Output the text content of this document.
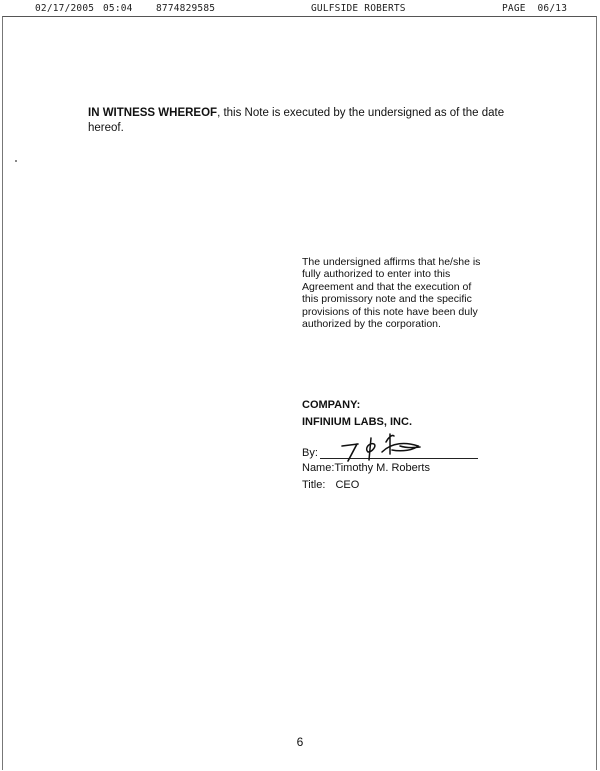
02/17/2005 05:04 8774829585	GULFSIDE ROBERTS	PAGE  06/13
IN WITNESS WHEREOF, this Note is executed by the undersigned as of the date hereof.
The undersigned affirms that he/she is
fully authorized to enter into this
Agreement and that the execution of
this promissory note and the specific
provisions of this note have been duly
authorized by the corporation.
COMPANY:
INFINIUM LABS, INC.
By:
Name:Timothy M. Roberts
Title: CEO
6
